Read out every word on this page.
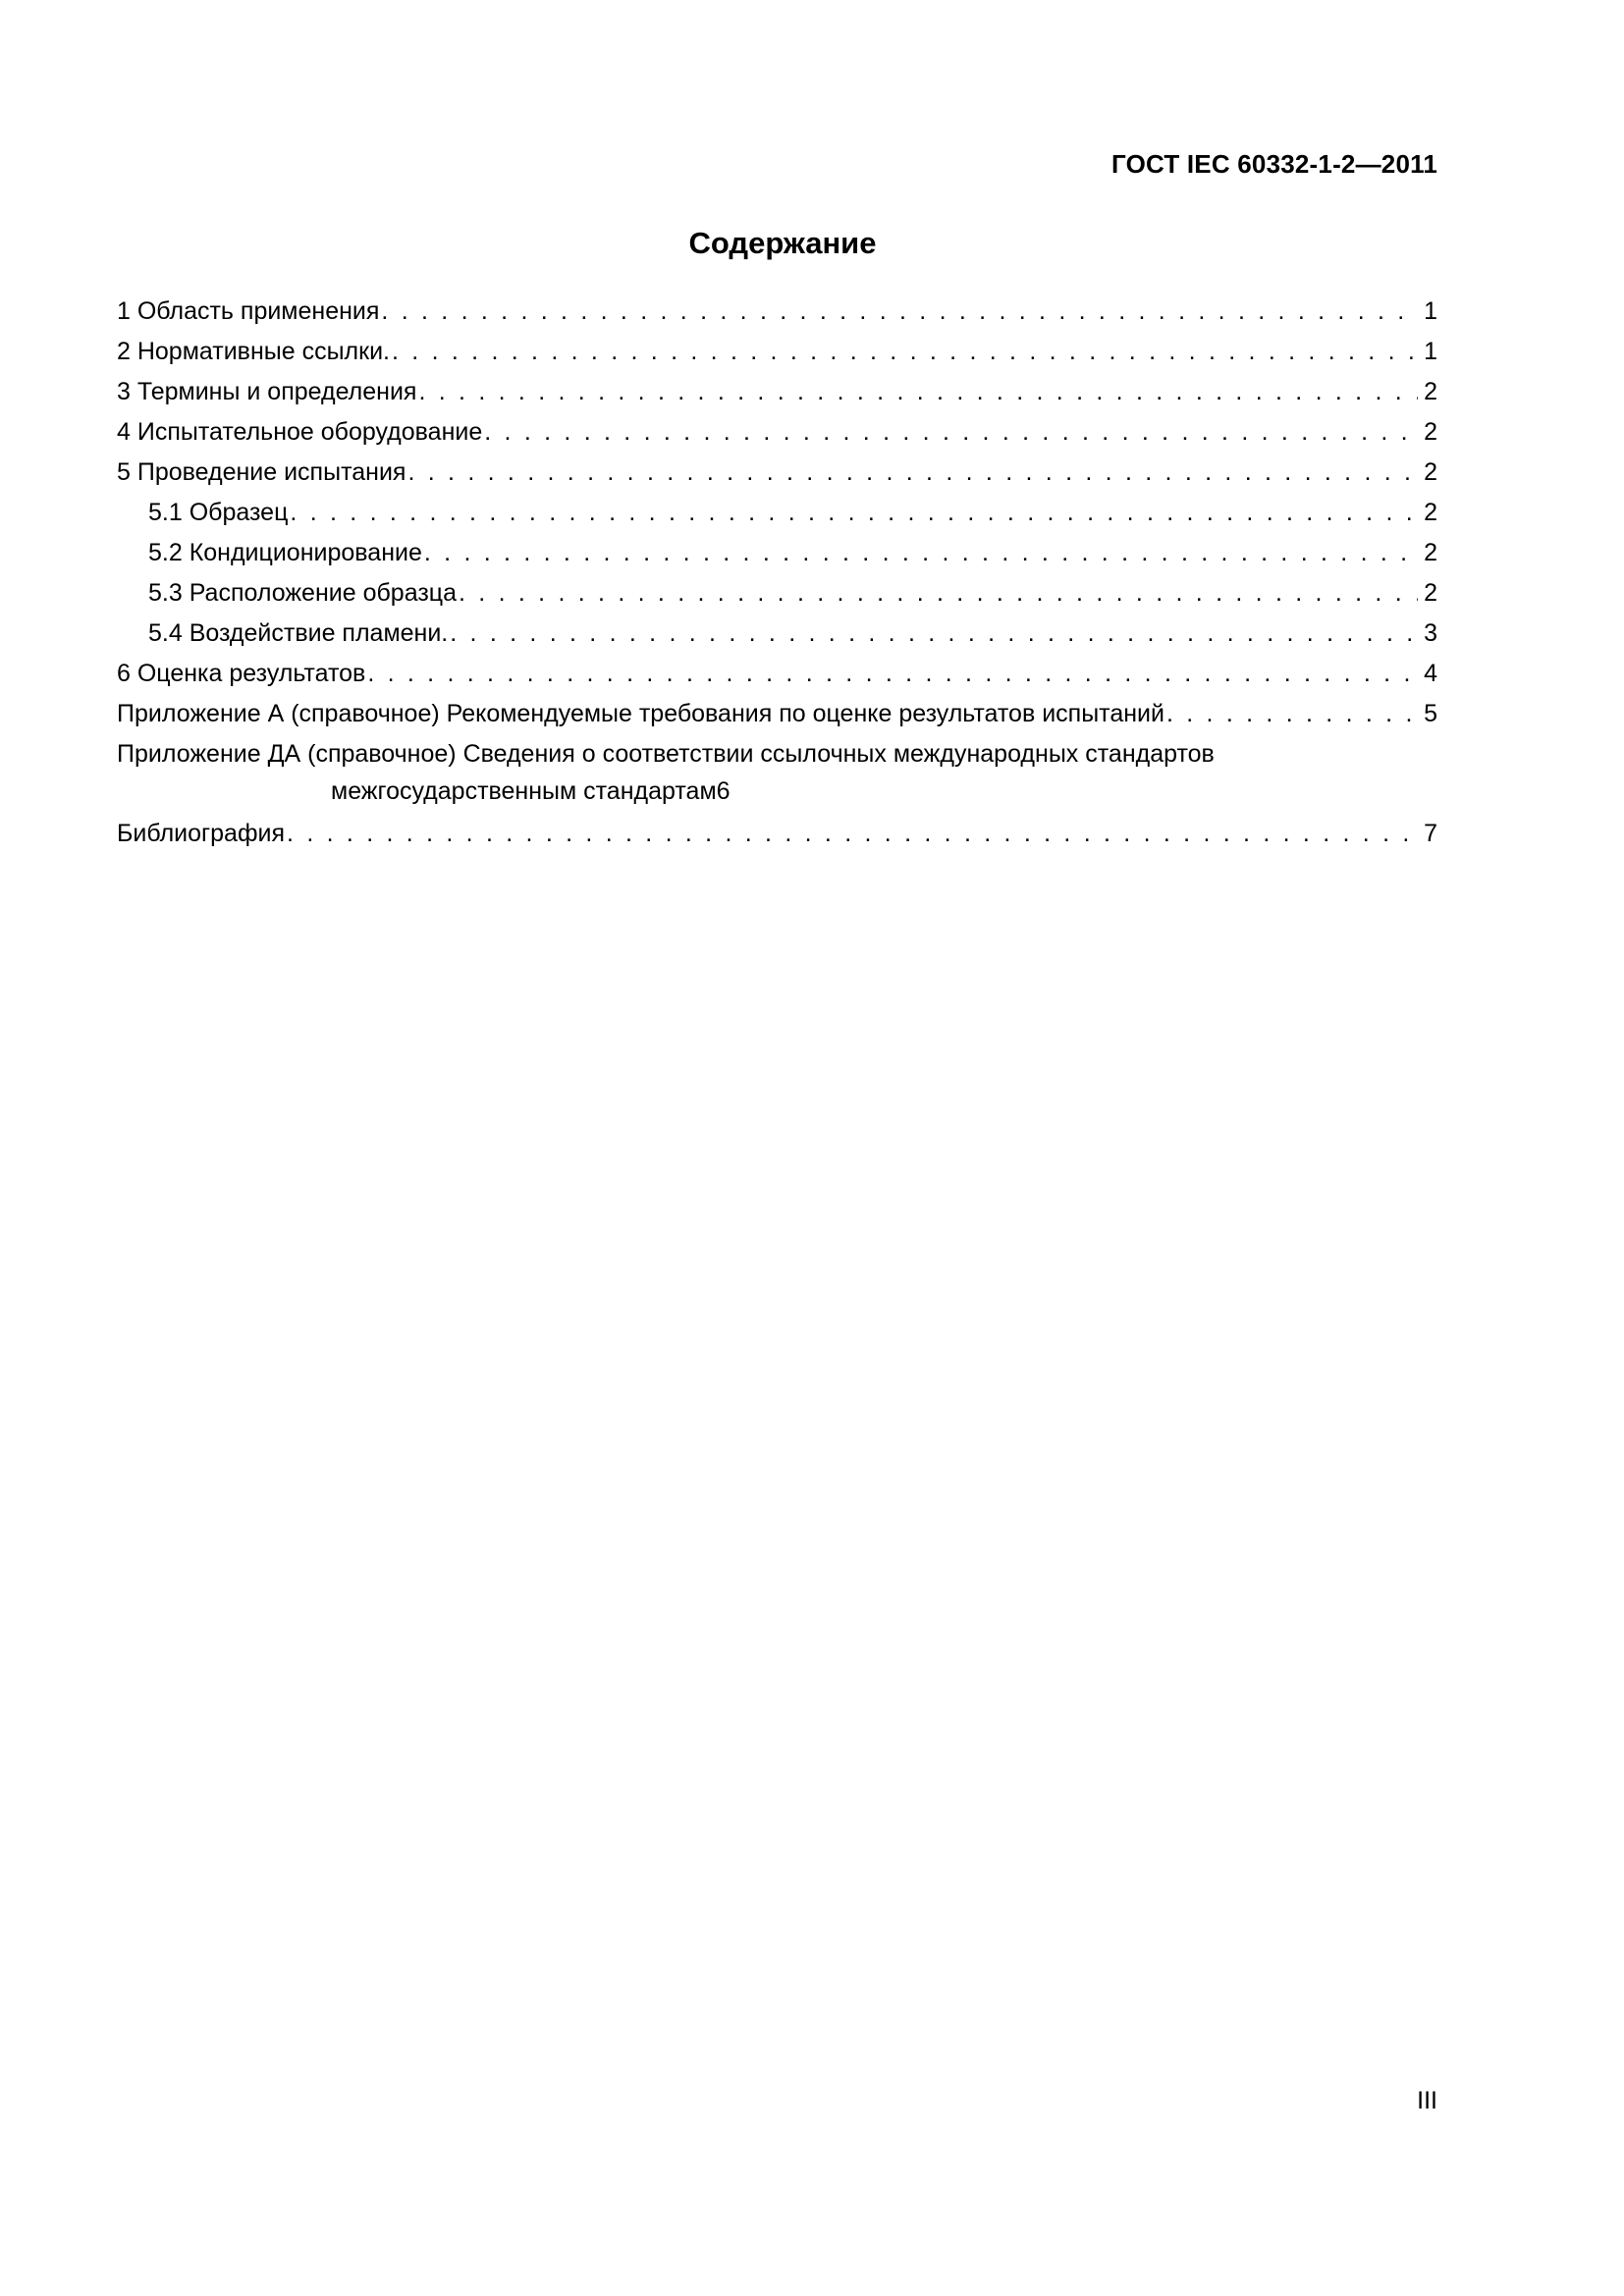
ГОСТ IEC 60332-1-2—2011
Содержание
1 Область применения . . .	1
2 Нормативные ссылки. . . .	1
3 Термины и определения . . .	2
4 Испытательное оборудование . . .	2
5 Проведение испытания . . .	2
5.1 Образец . . .	2
5.2 Кондиционирование . . .	2
5.3 Расположение образца . . .	2
5.4 Воздействие пламени. . . .	3
6 Оценка результатов . . .	4
Приложение А (справочное) Рекомендуемые требования по оценке результатов испытаний . . .	5
Приложение ДА (справочное) Сведения о соответствии ссылочных международных стандартов
межгосударственным стандартам 6
Библиография . . .	7
III
